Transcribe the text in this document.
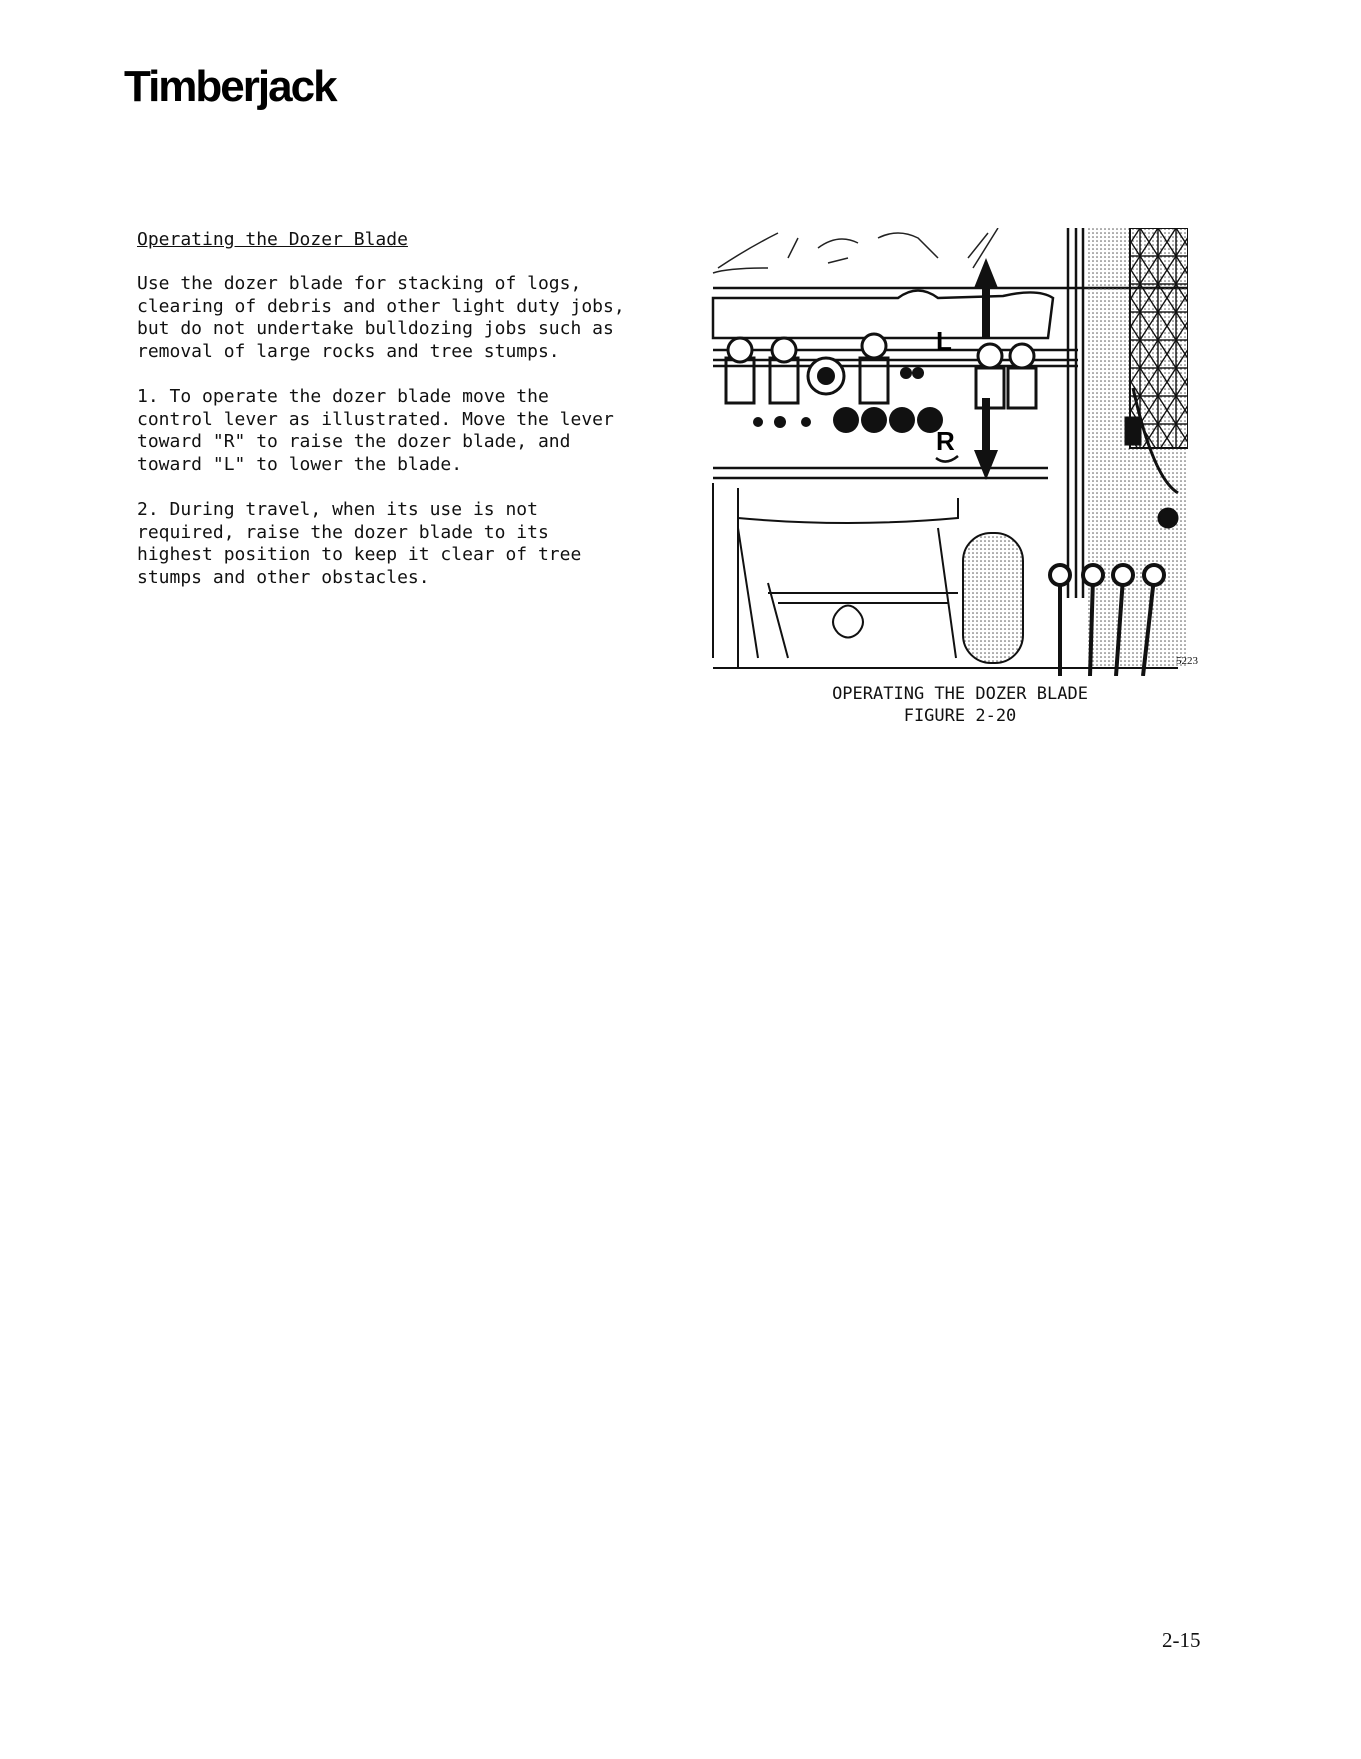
Timberjack
Operating the Dozer Blade
Use the dozer blade for stacking of logs,
clearing of debris and other light duty jobs,
but do not undertake bulldozing jobs such as
removal of large rocks and tree stumps.
1. To operate the dozer blade move the
control lever as illustrated. Move the lever
toward "R" to raise the dozer blade, and
toward "L" to lower the blade.
2. During travel, when its use is not
required, raise the dozer blade to its
highest position to keep it clear of tree
stumps and other obstacles.
L
R
5223
OPERATING THE DOZER BLADE
FIGURE 2-20
2-15
